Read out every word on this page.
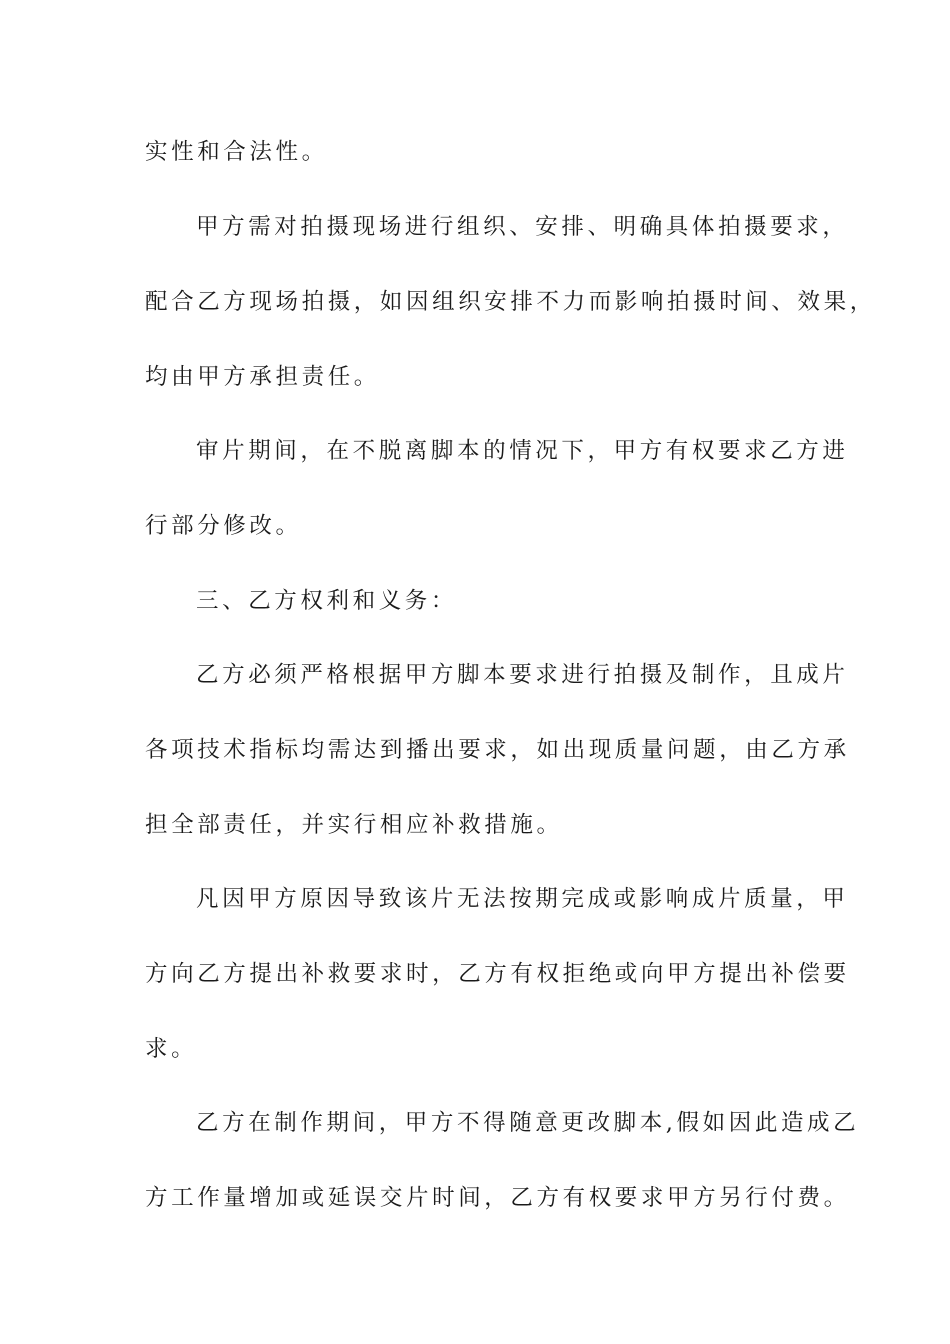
实性和合法性。
甲方需对拍摄现场进行组织、安排、明确具体拍摄要求，
配合乙方现场拍摄，如因组织安排不力而影响拍摄时间、效果，
均由甲方承担责任。
审片期间，在不脱离脚本的情况下，甲方有权要求乙方进
行部分修改。
三、乙方权利和义务：
乙方必须严格根据甲方脚本要求进行拍摄及制作，且成片
各项技术指标均需达到播出要求，如出现质量问题，由乙方承
担全部责任，并实行相应补救措施。
凡因甲方原因导致该片无法按期完成或影响成片质量，甲
方向乙方提出补救要求时，乙方有权拒绝或向甲方提出补偿要
求。
乙方在制作期间，甲方不得随意更改脚本,假如因此造成乙
方工作量增加或延误交片时间，乙方有权要求甲方另行付费。
